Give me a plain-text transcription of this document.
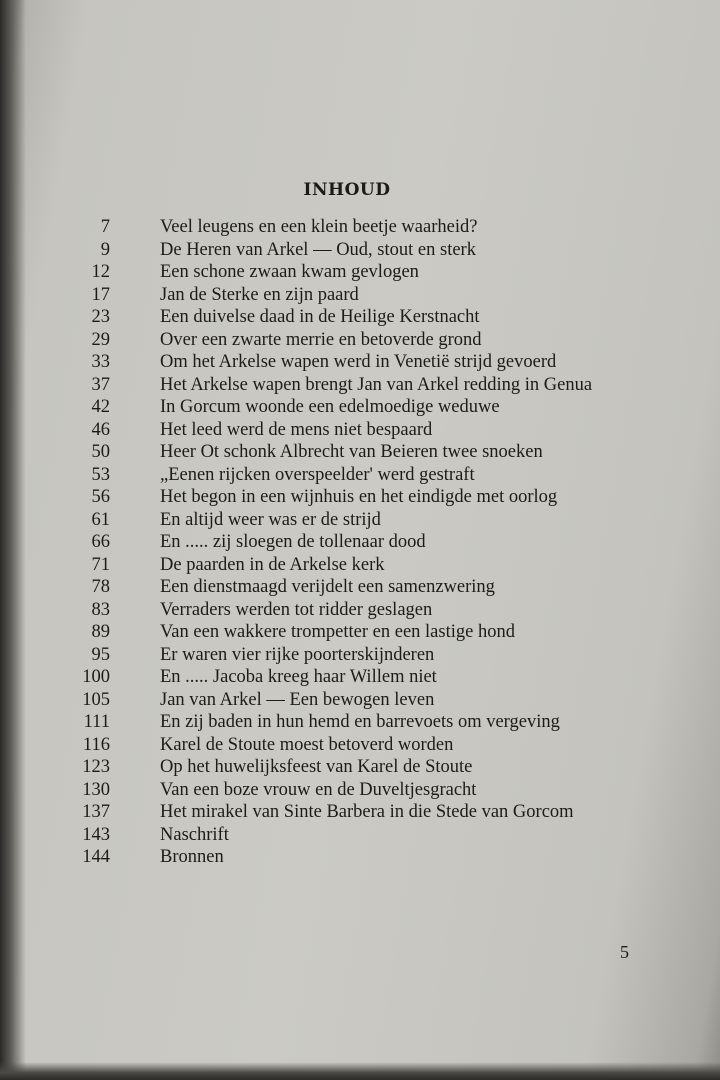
INHOUD
7	Veel leugens en een klein beetje waarheid?
9	De Heren van Arkel — Oud, stout en sterk
12	Een schone zwaan kwam gevlogen
17	Jan de Sterke en zijn paard
23	Een duivelse daad in de Heilige Kerstnacht
29	Over een zwarte merrie en betoverde grond
33	Om het Arkelse wapen werd in Venetië strijd gevoerd
37	Het Arkelse wapen brengt Jan van Arkel redding in Genua
42	In Gorcum woonde een edelmoedige weduwe
46	Het leed werd de mens niet bespaard
50	Heer Ot schonk Albrecht van Beieren twee snoeken
53	„Eenen rijcken overspeelder' werd gestraft
56	Het begon in een wijnhuis en het eindigde met oorlog
61	En altijd weer was er de strijd
66	En ..... zij sloegen de tollenaar dood
71	De paarden in de Arkelse kerk
78	Een dienstmaagd verijdelt een samenzwering
83	Verraders werden tot ridder geslagen
89	Van een wakkere trompetter en een lastige hond
95	Er waren vier rijke poorterskijnderen
100	En ..... Jacoba kreeg haar Willem niet
105	Jan van Arkel — Een bewogen leven
111	En zij baden in hun hemd en barrevoets om vergeving
116	Karel de Stoute moest betoverd worden
123	Op het huwelijksfeest van Karel de Stoute
130	Van een boze vrouw en de Duveltjesgracht
137	Het mirakel van Sinte Barbera in die Stede van Gorcom
143	Naschrift
144	Bronnen
5
